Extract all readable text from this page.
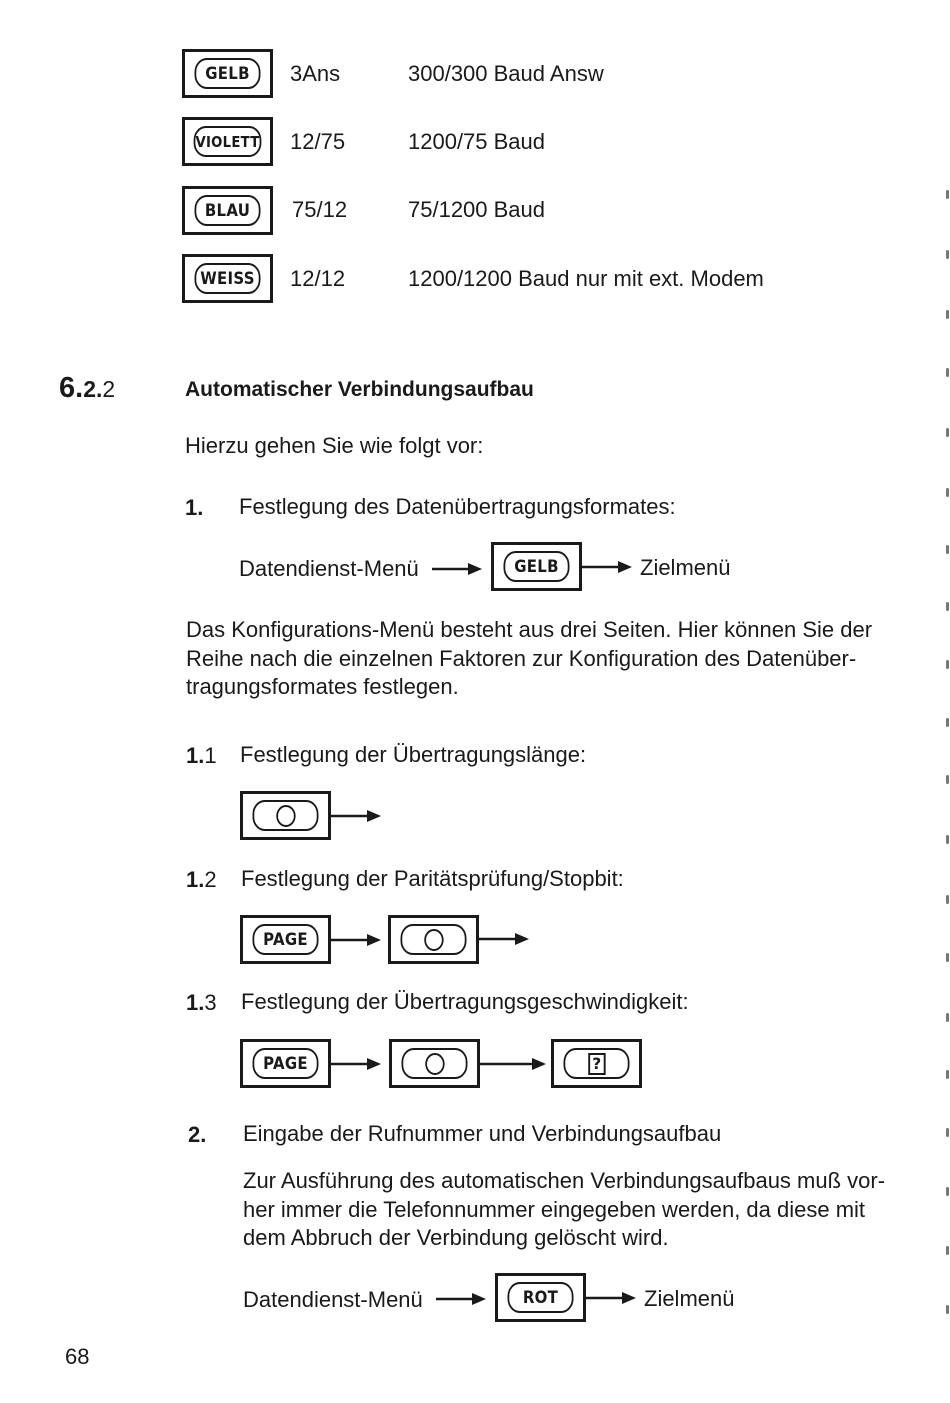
GELB	3Ans	300/300 Baud Answ
VIOLETT 12/75	1200/75 Baud
BLAU	75/12	75/1200 Baud
WEISS 12/12	1200/1200 Baud nur mit ext. Modem
6.2.2	Automatischer Verbindungsaufbau
Hierzu gehen Sie wie folgt vor:
1. Festlegung des Datenübertragungsformates:
Datendienst-Menü	GELB	Zielmenü
Das Konfigurations-Menü besteht aus drei Seiten. Hier können Sie der
Reihe nach die einzelnen Faktoren zur Konfiguration des Datenüber-
tragungsformates festlegen.
1.1 Festlegung der Übertragungslänge:
1.2 Festlegung der Paritätsprüfung/Stopbit:
PAGE
1.3 Festlegung der Übertragungsgeschwindigkeit:
PAGE	?
2. Eingabe der Rufnummer und Verbindungsaufbau
Zur Ausführung des automatischen Verbindungsaufbaus muß vor-
her immer die Telefonnummer eingegeben werden, da diese mit
dem Abbruch der Verbindung gelöscht wird.
Datendienst-Menü	ROT	Zielmenü
68
